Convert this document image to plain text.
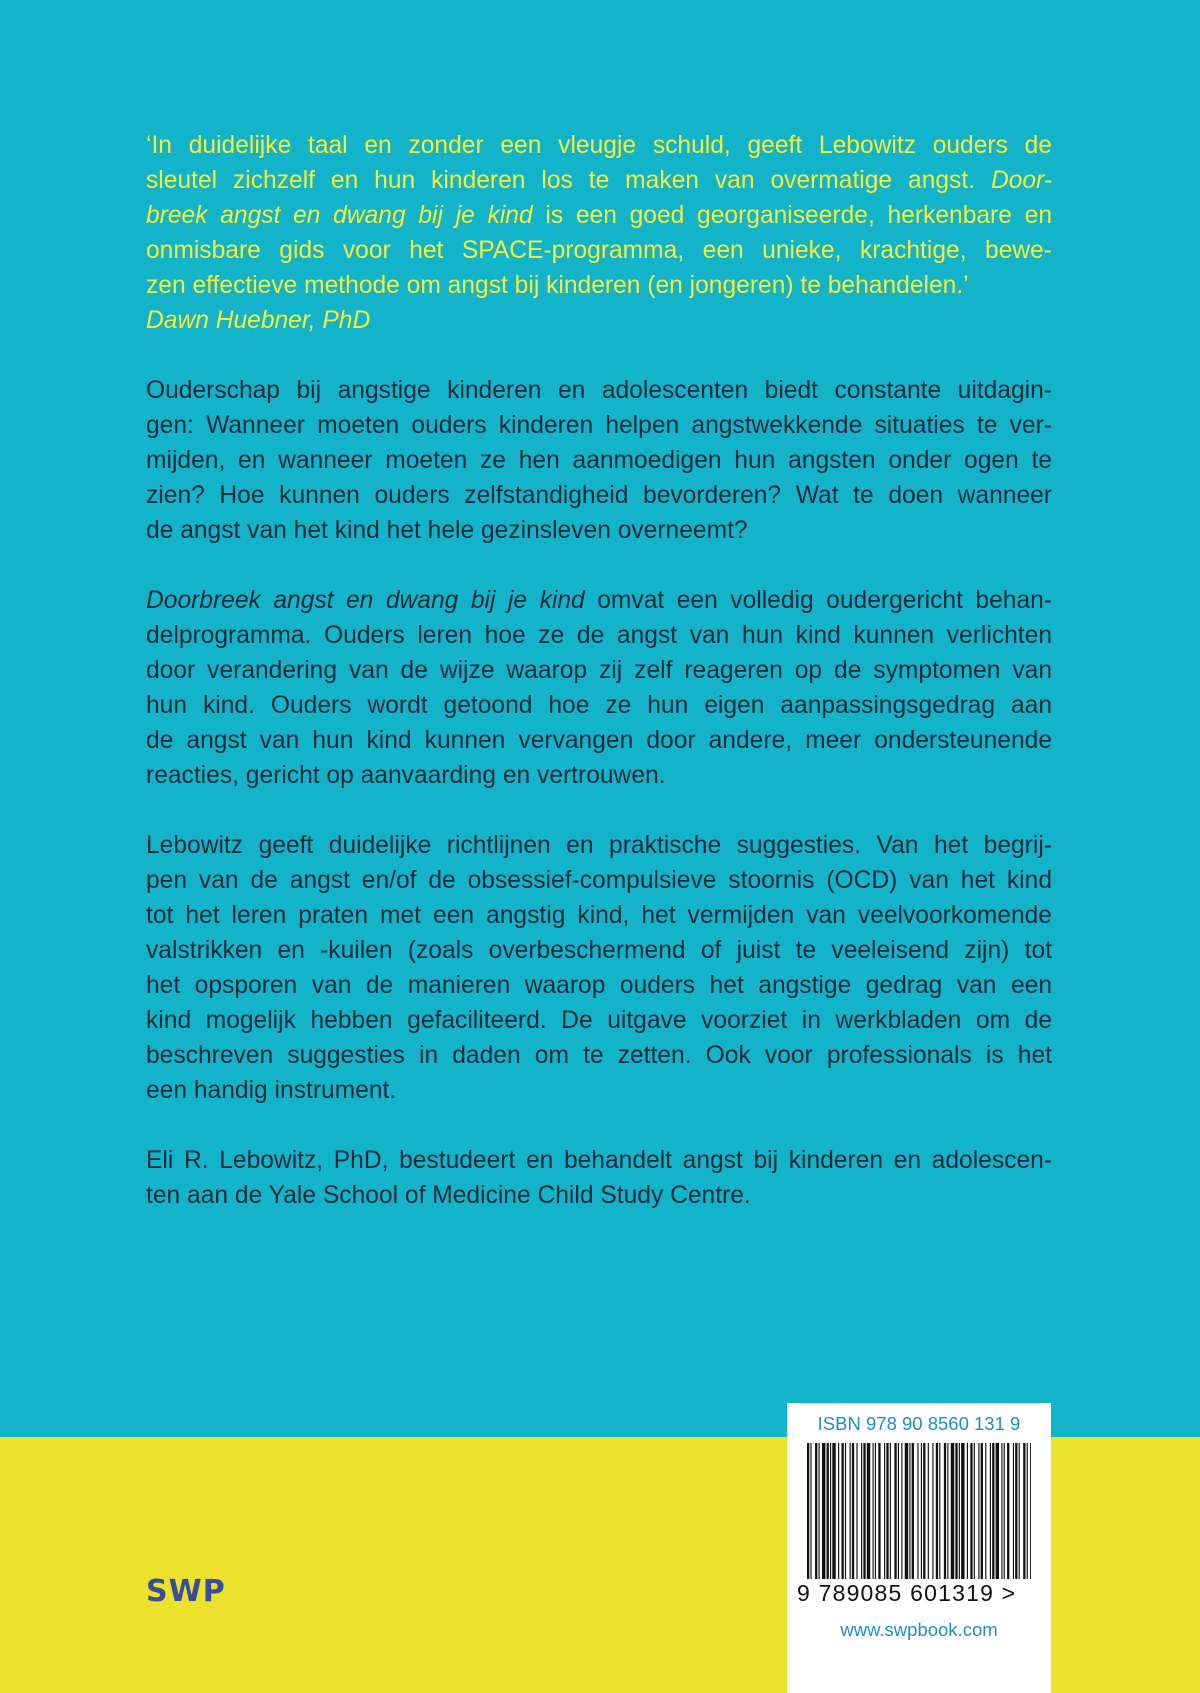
‘In duidelijke taal en zonder een vleugje schuld, geeft Lebowitz ouders de
sleutel zichzelf en hun kinderen los te maken van overmatige angst. Door-
breek angst en dwang bij je kind is een goed georganiseerde, herkenbare en
onmisbare gids voor het SPACE-programma, een unieke, krachtige, bewe-
zen effectieve methode om angst bij kinderen (en jongeren) te behandelen.’
Dawn Huebner, PhD

Ouderschap bij angstige kinderen en adolescenten biedt constante uitdagin-
gen: Wanneer moeten ouders kinderen helpen angstwekkende situaties te ver-
mijden, en wanneer moeten ze hen aanmoedigen hun angsten onder ogen te
zien? Hoe kunnen ouders zelfstandigheid bevorderen? Wat te doen wanneer
de angst van het kind het hele gezinsleven overneemt?

Doorbreek angst en dwang bij je kind omvat een volledig oudergericht behan-
delprogramma. Ouders leren hoe ze de angst van hun kind kunnen verlichten
door verandering van de wijze waarop zij zelf reageren op de symptomen van
hun kind. Ouders wordt getoond hoe ze hun eigen aanpassingsgedrag aan
de angst van hun kind kunnen vervangen door andere, meer ondersteunende
reacties, gericht op aanvaarding en vertrouwen.

Lebowitz geeft duidelijke richtlijnen en praktische suggesties. Van het begrij-
pen van de angst en/of de obsessief-compulsieve stoornis (OCD) van het kind
tot het leren praten met een angstig kind, het vermijden van veelvoorkomende
valstrikken en -kuilen (zoals overbeschermend of juist te veeleisend zijn) tot
het opsporen van de manieren waarop ouders het angstige gedrag van een
kind mogelijk hebben gefaciliteerd. De uitgave voorziet in werkbladen om de
beschreven suggesties in daden om te zetten. Ook voor professionals is het
een handig instrument.

Eli R. Lebowitz, PhD, bestudeert en behandelt angst bij kinderen en adolescen-
ten aan de Yale School of Medicine Child Study Centre.

SWP
ISBN 978 90 8560 131 9
9 789085 601319 >
www.swpbook.com
